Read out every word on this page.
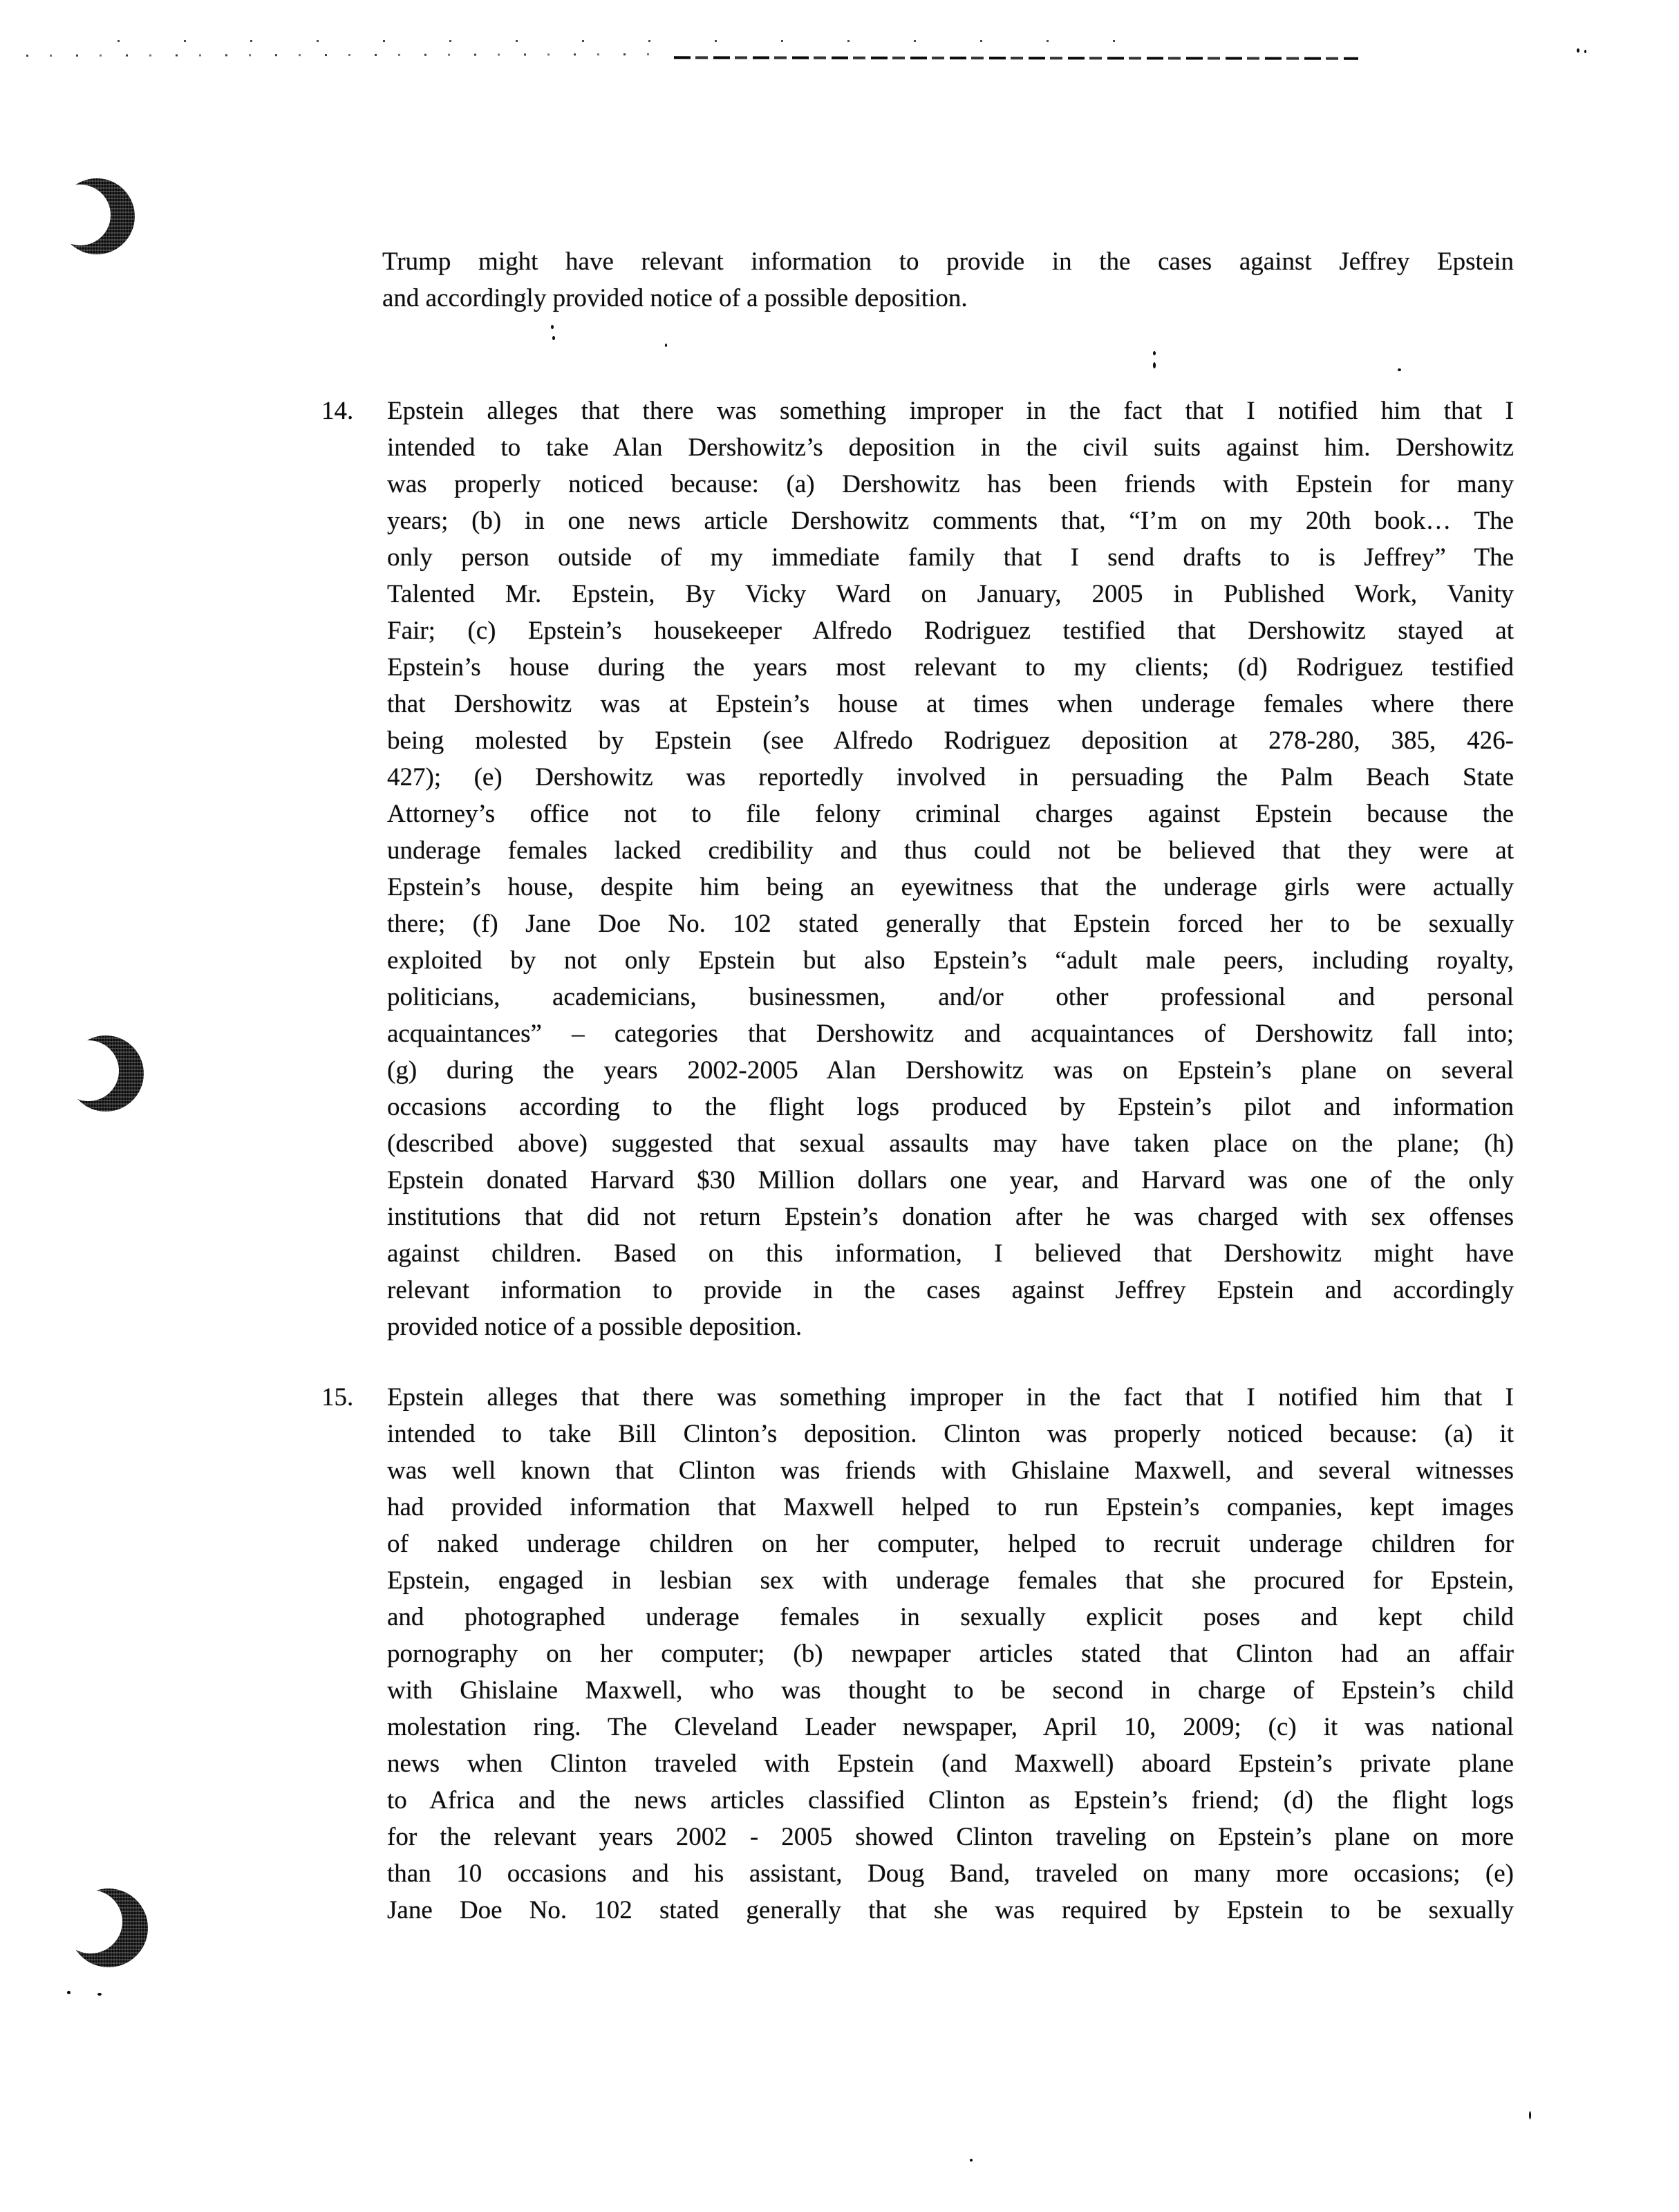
Trump might have relevant information to provide in the cases against Jeffrey Epstein
and accordingly provided notice of a possible deposition.
14.	Epstein alleges that there was something improper in the fact that I notified him that I
intended to take Alan Dershowitz’s deposition in the civil suits against him. Dershowitz
was properly noticed because: (a) Dershowitz has been friends with Epstein for many
years; (b) in one news article Dershowitz comments that, “I’m on my 20th book… The
only person outside of my immediate family that I send drafts to is Jeffrey” The
Talented Mr. Epstein, By Vicky Ward on January, 2005 in Published Work, Vanity
Fair; (c) Epstein’s housekeeper Alfredo Rodriguez testified that Dershowitz stayed at
Epstein’s house during the years most relevant to my clients; (d) Rodriguez testified
that Dershowitz was at Epstein’s house at times when underage females where there
being molested by Epstein (see Alfredo Rodriguez deposition at 278-280, 385, 426-
427); (e) Dershowitz was reportedly involved in persuading the Palm Beach State
Attorney’s office not to file felony criminal charges against Epstein because the
underage females lacked credibility and thus could not be believed that they were at
Epstein’s house, despite him being an eyewitness that the underage girls were actually
there; (f) Jane Doe No. 102 stated generally that Epstein forced her to be sexually
exploited by not only Epstein but also Epstein’s “adult male peers, including royalty,
politicians, academicians, businessmen, and/or other professional and personal
acquaintances” – categories that Dershowitz and acquaintances of Dershowitz fall into;
(g) during the years 2002-2005 Alan Dershowitz was on Epstein’s plane on several
occasions according to the flight logs produced by Epstein’s pilot and information
(described above) suggested that sexual assaults may have taken place on the plane; (h)
Epstein donated Harvard $30 Million dollars one year, and Harvard was one of the only
institutions that did not return Epstein’s donation after he was charged with sex offenses
against children. Based on this information, I believed that Dershowitz might have
relevant information to provide in the cases against Jeffrey Epstein and accordingly
provided notice of a possible deposition.
15.	Epstein alleges that there was something improper in the fact that I notified him that I
intended to take Bill Clinton’s deposition. Clinton was properly noticed because: (a) it
was well known that Clinton was friends with Ghislaine Maxwell, and several witnesses
had provided information that Maxwell helped to run Epstein’s companies, kept images
of naked underage children on her computer, helped to recruit underage children for
Epstein, engaged in lesbian sex with underage females that she procured for Epstein,
and photographed underage females in sexually explicit poses and kept child
pornography on her computer; (b) newpaper articles stated that Clinton had an affair
with Ghislaine Maxwell, who was thought to be second in charge of Epstein’s child
molestation ring. The Cleveland Leader newspaper, April 10, 2009; (c) it was national
news when Clinton traveled with Epstein (and Maxwell) aboard Epstein’s private plane
to Africa and the news articles classified Clinton as Epstein’s friend; (d) the flight logs
for the relevant years 2002 - 2005 showed Clinton traveling on Epstein’s plane on more
than 10 occasions and his assistant, Doug Band, traveled on many more occasions; (e)
Jane Doe No. 102 stated generally that she was required by Epstein to be sexually
